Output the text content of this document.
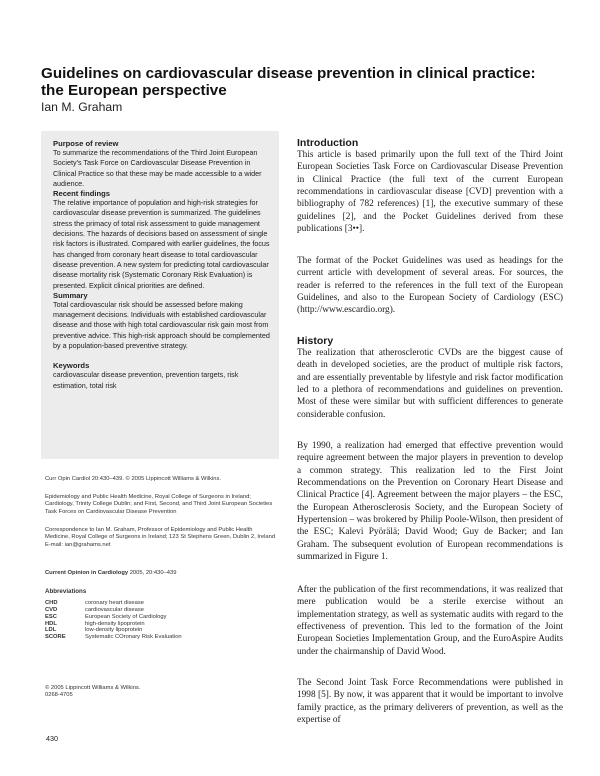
Guidelines on cardiovascular disease prevention in clinical practice: the European perspective
Ian M. Graham

Purpose of review

To summarize the recommendations of the Third Joint European Society's Task Force on Cardiovascular Disease Prevention in Clinical Practice so that these may be made accessible to a wider audience.

Recent findings

The relative importance of population and high-risk strategies for cardiovascular disease prevention is summarized. The guidelines stress the primacy of total risk assessment to guide management decisions. The hazards of decisions based on assessment of single risk factors is illustrated. Compared with earlier guidelines, the focus has changed from coronary heart disease to total cardiovascular disease prevention. A new system for predicting total cardiovascular disease mortality risk (Systematic Coronary Risk Evaluation) is presented. Explicit clinical priorities are defined.

Summary

Total cardiovascular risk should be assessed before making management decisions. Individuals with established cardiovascular disease and those with high total cardiovascular risk gain most from preventive advice. This high-risk approach should be complemented by a population-based preventive strategy.

Keywords

cardiovascular disease prevention, prevention targets, risk estimation, total risk

Curr Opin Cardiol 20:430–439. © 2005 Lippincott Williams & Wilkins.

Epidemiology and Public Health Medicine, Royal College of Surgeons in Ireland; Cardiology, Trinity College Dublin; and First, Second, and Third Joint European Societies Task Forces on Cardiovascular Disease Prevention

Correspondence to Ian M. Graham, Professor of Epidemiology and Public Health Medicine, Royal College of Surgeons in Ireland; 123 St Stephens Green, Dublin 2, Ireland

E-mail: ian@grahams.net

Current Opinion in Cardiology 2005, 20:430–439

Abbreviations

CHD	coronary heart disease
CVD	cardiovascular disease
ESC	European Society of Cardiology
HDL	high-density lipoprotein
LDL	low-density lipoprotein
SCORE	Systematic COronary Risk Evaluation

© 2005 Lippincott Williams & Wilkins.

0268-4705

430
Introduction

This article is based primarily upon the full text of the Third Joint European Societies Task Force on Cardiovascular Disease Prevention in Clinical Practice (the full text of the current European recommendations in cardiovascular disease [CVD] prevention with a bibliography of 782 references) [1], the executive summary of these guidelines [2], and the Pocket Guidelines derived from these publications [3••].

The format of the Pocket Guidelines was used as headings for the current article with development of several areas. For sources, the reader is referred to the references in the full text of the European Guidelines, and also to the European Society of Cardiology (ESC) (http://www.escardio.org).

History

The realization that atherosclerotic CVDs are the biggest cause of death in developed societies, are the product of multiple risk factors, and are essentially preventable by lifestyle and risk factor modification led to a plethora of recommendations and guidelines on prevention. Most of these were similar but with sufficient differences to generate considerable confusion.

By 1990, a realization had emerged that effective prevention would require agreement between the major players in prevention to develop a common strategy. This realization led to the First Joint Recommendations on the Prevention on Coronary Heart Disease and Clinical Practice [4]. Agreement between the major players – the ESC, the European Atherosclerosis Society, and the European Society of Hypertension – was brokered by Philip Poole-Wilson, then president of the ESC; Kalevi Pyörälä; David Wood; Guy de Backer; and Ian Graham. The subsequent evolution of European recommendations is summarized in Figure 1.

After the publication of the first recommendations, it was realized that mere publication would be a sterile exercise without an implementation strategy, as well as systematic audits with regard to the effectiveness of prevention. This led to the formation of the Joint European Societies Implementation Group, and the EuroAspire Audits under the chairmanship of David Wood.

The Second Joint Task Force Recommendations were published in 1998 [5]. By now, it was apparent that it would be important to involve family practice, as the primary deliverers of prevention, as well as the expertise of
